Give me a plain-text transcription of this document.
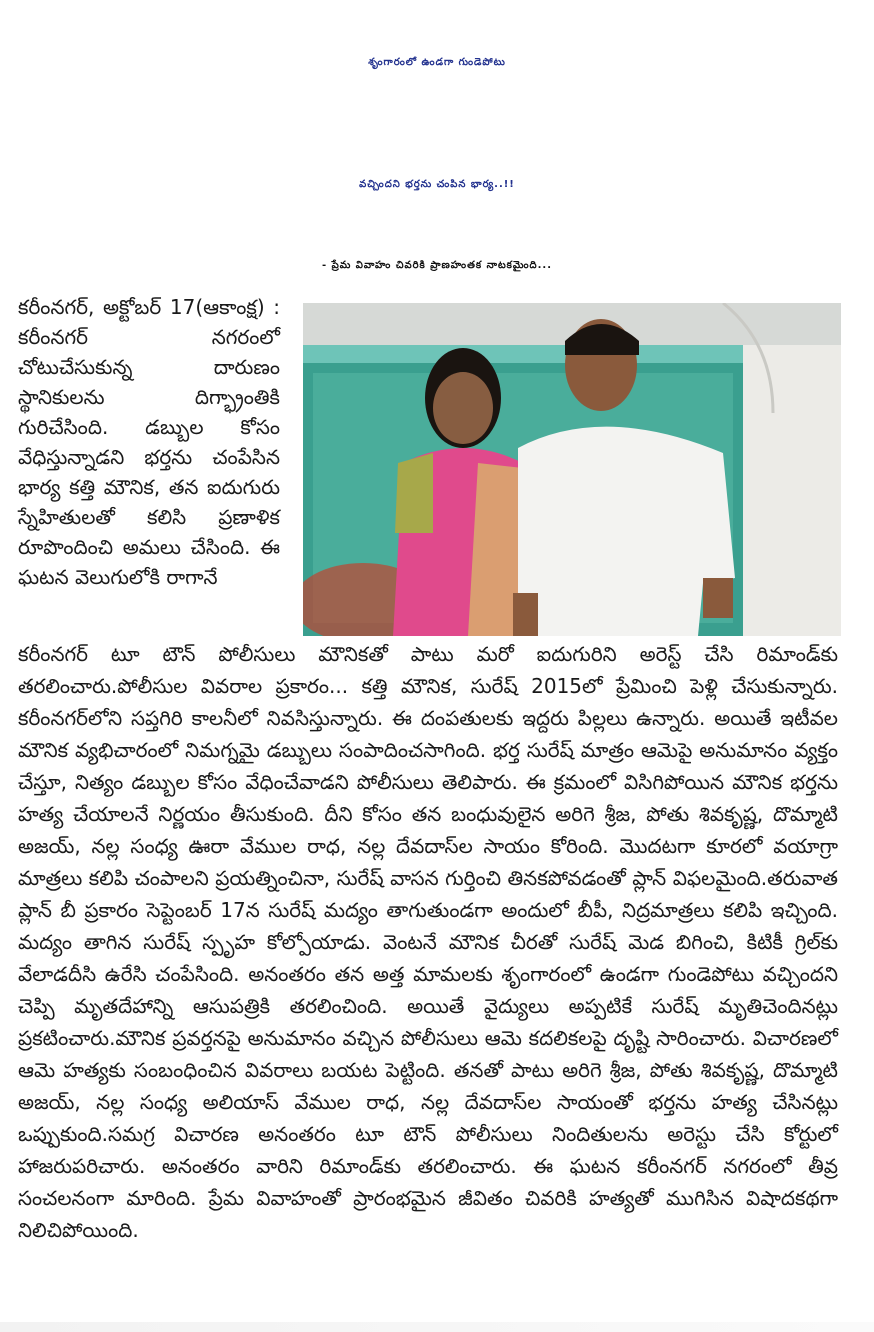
శృంగారంలో ఉండగా గుండెపోటు
వచ్చిందని భర్తను చంపిన భార్య..!!
- ప్రేమ వివాహం చివరికి ప్రాణహంతక నాటకమైంది...
కరీంనగర్, అక్టోబర్ 17(ఆకాంక్ష) : కరీంనగర్ నగరంలో చోటుచేసుకున్న దారుణం స్థానికులను దిగ్భ్రాంతికి గురిచేసింది. డబ్బుల కోసం వేధిస్తున్నాడని భర్తను చంపేసిన భార్య కత్తి మౌనిక, తన ఐదుగురు స్నేహితులతో కలిసి ప్రణాళిక రూపొందించి అమలు చేసింది. ఈ ఘటన వెలుగులోకి రాగానే
కరీంనగర్ టూ టౌన్ పోలీసులు మౌనికతో పాటు మరో ఐదుగురిని అరెస్ట్ చేసి రిమాండ్‌కు తరలించారు.పోలీసుల వివరాల ప్రకారం... కత్తి మౌనిక, సురేష్ 2015లో ప్రేమించి పెళ్లి చేసుకున్నారు. కరీంనగర్‌లోని సప్తగిరి కాలనీలో నివసిస్తున్నారు. ఈ దంపతులకు ఇద్దరు పిల్లలు ఉన్నారు. అయితే ఇటీవల మౌనిక వ్యభిచారంలో నిమగ్నమై డబ్బులు సంపాదించసాగింది. భర్త సురేష్ మాత్రం ఆమెపై అనుమానం వ్యక్తం చేస్తూ, నిత్యం డబ్బుల కోసం వేధించేవాడని పోలీసులు తెలిపారు. ఈ క్రమంలో విసిగిపోయిన మౌనిక భర్తను హత్య చేయాలనే నిర్ణయం తీసుకుంది. దీని కోసం తన బంధువులైన అరిగె శ్రీజ, పోతు శివకృష్ణ, దొమ్మాటి అజయ్, నల్ల సంధ్య ఊరా వేముల రాధ, నల్ల దేవదాస్‌ల సాయం కోరింది. మొదటగా కూరలో వయాగ్రా మాత్రలు కలిపి చంపాలని ప్రయత్నించినా, సురేష్ వాసన గుర్తించి తినకపోవడంతో ప్లాన్ విఫలమైంది.తరువాత ప్లాన్ బీ ప్రకారం సెప్టెంబర్ 17న సురేష్ మద్యం తాగుతుండగా అందులో బీపీ, నిద్రమాత్రలు కలిపి ఇచ్చింది. మద్యం తాగిన సురేష్ స్పృహ కోల్పోయాడు. వెంటనే మౌనిక చీరతో సురేష్ మెడ బిగించి, కిటికీ గ్రిల్‌కు వేలాడదీసి ఉరేసి చంపేసింది. అనంతరం తన అత్త మామలకు శృంగారంలో ఉండగా గుండెపోటు వచ్చిందని చెప్పి మృతదేహాన్ని ఆసుపత్రికి తరలించింది. అయితే వైద్యులు అప్పటికే సురేష్ మృతిచెందినట్లు ప్రకటించారు.మౌనిక ప్రవర్తనపై అనుమానం వచ్చిన పోలీసులు ఆమె కదలికలపై దృష్టి సారించారు. విచారణలో ఆమె హత్యకు సంబంధించిన వివరాలు బయట పెట్టింది. తనతో పాటు అరిగె శ్రీజ, పోతు శివకృష్ణ, దొమ్మాటి అజయ్, నల్ల సంధ్య అలియాస్ వేముల రాధ, నల్ల దేవదాస్‌ల సాయంతో భర్తను హత్య చేసినట్లు ఒప్పుకుంది.సమగ్ర విచారణ అనంతరం టూ టౌన్ పోలీసులు నిందితులను అరెస్టు చేసి కోర్టులో హాజరుపరిచారు. అనంతరం వారిని రిమాండ్‌కు తరలించారు. ఈ ఘటన కరీంనగర్ నగరంలో తీవ్ర సంచలనంగా మారింది. ప్రేమ వివాహంతో ప్రారంభమైన జీవితం చివరికి హత్యతో ముగిసిన విషాదకథగా నిలిచిపోయింది.
